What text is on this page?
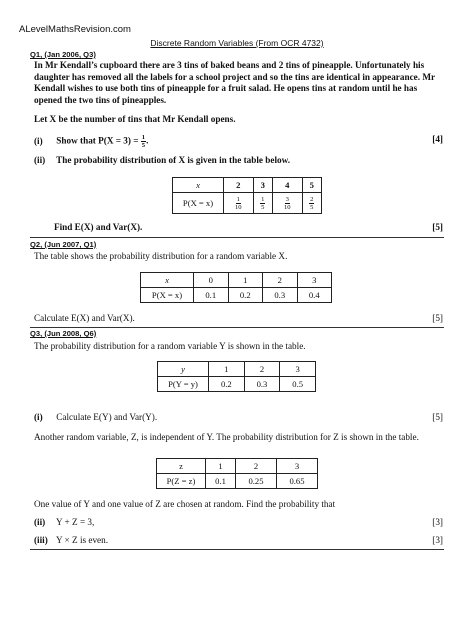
ALevelMathsRevision.com
Discrete Random Variables (From OCR 4732)
Q1, (Jan 2006, Q3)
In Mr Kendall’s cupboard there are 3 tins of baked beans and 2 tins of pineapple. Unfortunately his daughter has removed all the labels for a school project and so the tins are identical in appearance. Mr Kendall wishes to use both tins of pineapple for a fruit salad. He opens tins at random until he has opened the two tins of pineapples.
Let X be the number of tins that Mr Kendall opens.
(i) Show that $P(X = 3) = \frac{1}{5}$ .	[4]
(ii) The probability distribution of X is given in the table below.
x	2	3	4	5
P(X = x)	$\frac{1}{10}$	$\frac{1}{5}$	$\frac{3}{10}$	$\frac{2}{5}$
Find E(X) and Var(X).	[5]
Q2, (Jun 2007, Q1)
The table shows the probability distribution for a random variable X.
x	0	1	2	3
P(X = x)	0.1	0.2	0.3	0.4
Calculate E(X) and Var(X).	[5]
Q3, (Jun 2008, Q6)
The probability distribution for a random variable Y is shown in the table.
y	1	2	3
P(Y = y)	0.2	0.3	0.5
(i) Calculate E(Y) and Var(Y).	[5]
Another random variable, Z, is independent of Y. The probability distribution for Z is shown in the table.
z	1	2	3
P(Z = z)	0.1	0.25	0.65
One value of Y and one value of Z are chosen at random. Find the probability that
(ii) Y + Z = 3,	[3]
(iii) Y × Z is even.	[3]
